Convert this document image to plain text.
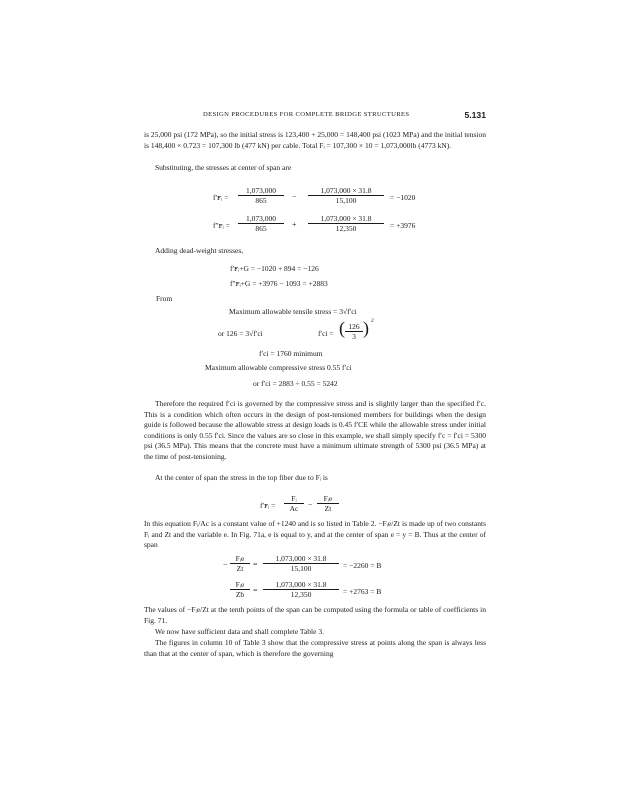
DESIGN PROCEDURES FOR COMPLETE BRIDGE STRUCTURES	5.131

is 25,000 psi (172 MPa), so the initial stress is 123,400 + 25,000 = 148,400 psi (1023 MPa) and the initial tension is 148,400 × 0.723 = 107,300 lb (477 kN) per cable. Total Fᵢ = 107,300 × 10 = 1,073,000lb (4773 kN).

Substituting, the stresses at center of span are

f′ꜰᵢ = $\frac{1,073,000}{865} - \frac{1,073,000 \times 31.8}{15,100} = -1020$
f″ꜰᵢ = $\frac{1,073,000}{865} + \frac{1,073,000 \times 31.8}{12,350} = +3976$

Adding dead-weight stresses,

f′ꜰᵢ+G = −1020 + 894 = −126
f″ꜰᵢ+G = +3976 − 1093 = +2883
From
Maximum allowable tensile stress = 3√f′ci
or 126 = 3√f′ci	f′ci = ( $\frac{126}{3}$ ) 2
f′ci = 1760 minimum
Maximum allowable compressive stress 0.55 f′ci
or f′ci = 2883 ÷ 0.55 = 5242

Therefore the required f′ci is governed by the compressive stress and is slightly larger than the specified f′c. This is a condition which often occurs in the design of post-tensioned members for buildings when the design guide is followed because the allowable stress at design loads is 0.45 f′CE while the allowable stress under initial conditions is only 0.55 f′ci. Since the values are so close in this example, we shall simply specify f′c = f′ci = 5300 psi (36.5 MPa). This means that the concrete must have a minimum ultimate strength of 5300 psi (36.5 MPa) at the time of post-tensioning.

At the center of span the stress in the top fiber due to Fᵢ is

f′ꜰᵢ = $\frac{\text{Fᵢ}}{Ac}$ −
Fᵢe
Zt

In this equation Fᵢ/Ac is a constant value of +1240 and is so listed in Table 2. −Fᵢe/Zt is made up of two constants Fᵢ and Zt and the variable e. In Fig. 71a, e is equal to y, and at the center of span e = y = B. Thus at the center of span

−
Fᵢe
Zt	= $\frac{1,073,000 \times 31.8}{15,100} = -2260 = B$
Fᵢe
Zb	= $\frac{1,073,000 \times 31.8}{12,350} = +2763 = B$

The values of −Fᵢe/Zt at the tenth points of the span can be computed using the formula or table of coefficients in Fig. 71.

We now have sufficient data and shall complete Table 3.

The figures in column 10 of Table 3 show that the compressive stress at points along the span is always less than that at the center of span, which is therefore the governing
